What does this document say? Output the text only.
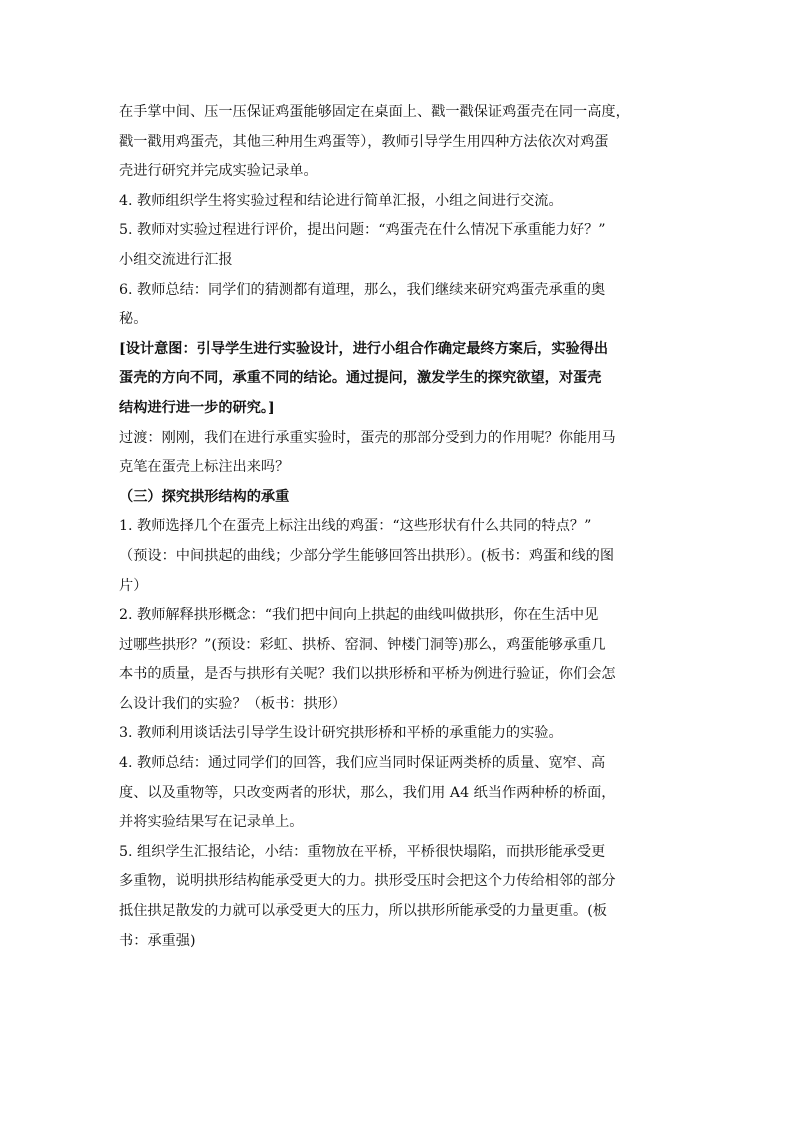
在手掌中间、压一压保证鸡蛋能够固定在桌面上、戳一戳保证鸡蛋壳在同一高度，
戳一戳用鸡蛋壳，其他三种用生鸡蛋等），教师引导学生用四种方法依次对鸡蛋
壳进行研究并完成实验记录单。
4. 教师组织学生将实验过程和结论进行简单汇报，小组之间进行交流。
5. 教师对实验过程进行评价，提出问题：“鸡蛋壳在什么情况下承重能力好？”
小组交流进行汇报
6. 教师总结：同学们的猜测都有道理，那么，我们继续来研究鸡蛋壳承重的奥
秘。
[设计意图：引导学生进行实验设计，进行小组合作确定最终方案后，实验得出
蛋壳的方向不同，承重不同的结论。通过提问，激发学生的探究欲望，对蛋壳
结构进行进一步的研究。]
过渡：刚刚，我们在进行承重实验时，蛋壳的那部分受到力的作用呢？你能用马
克笔在蛋壳上标注出来吗？
（三）探究拱形结构的承重
1. 教师选择几个在蛋壳上标注出线的鸡蛋：“这些形状有什么共同的特点？”
（预设：中间拱起的曲线；少部分学生能够回答出拱形）。(板书：鸡蛋和线的图
片）
2. 教师解释拱形概念：“我们把中间向上拱起的曲线叫做拱形，你在生活中见
过哪些拱形？”(预设：彩虹、拱桥、窑洞、钟楼门洞等)那么，鸡蛋能够承重几
本书的质量，是否与拱形有关呢？我们以拱形桥和平桥为例进行验证，你们会怎
么设计我们的实验？（板书：拱形）
3. 教师利用谈话法引导学生设计研究拱形桥和平桥的承重能力的实验。
4. 教师总结：通过同学们的回答，我们应当同时保证两类桥的质量、宽窄、高
度、以及重物等，只改变两者的形状，那么，我们用 A4 纸当作两种桥的桥面，
并将实验结果写在记录单上。
5. 组织学生汇报结论，小结：重物放在平桥，平桥很快塌陷，而拱形能承受更
多重物，说明拱形结构能承受更大的力。拱形受压时会把这个力传给相邻的部分
抵住拱足散发的力就可以承受更大的压力，所以拱形所能承受的力量更重。(板
书：承重强)
